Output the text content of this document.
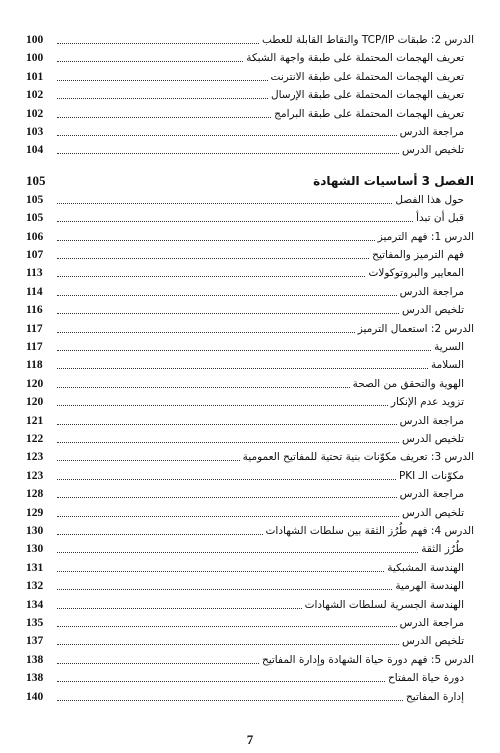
100	الدرس 2: طبقات TCP/IP والنقاط القابلة للعطب
100	تعريف الهجمات المحتملة على طبقة واجهة الشبكة
101	تعريف الهجمات المحتملة على طبقة الانترنت
102	تعريف الهجمات المحتملة على طبقة الإرسال
102	تعريف الهجمات المحتملة على طبقة البرامج
103	مراجعة الدرس
104	تلخيص الدرس
105	الفصل 3 أساسيات الشهادة
105	حول هذا الفصل
105	قبل أن تبدأ
106	الدرس 1: فهم الترميز
107	فهم الترميز والمفاتيح
113	المعايير والبروتوكولات
114	مراجعة الدرس
116	تلخيص الدرس
117	الدرس 2: استعمال الترميز
117	السرية
118	السلامة
120	الهوية والتحقق من الصحة
120	تزويد عدم الإنكار
121	مراجعة الدرس
122	تلخيص الدرس
123	الدرس 3: تعريف مكوّنات بنية تحتية للمفاتيح العمومية
123	مكوّنات الـ PKI
128	مراجعة الدرس
129	تلخيص الدرس
130	الدرس 4: فهم طُرُز الثقة بين سلطات الشهادات
130	طُرُز الثقة
131	الهندسة المشبكية
132	الهندسة الهرمية
134	الهندسة الجسرية لسلطات الشهادات
135	مراجعة الدرس
137	تلخيص الدرس
138	الدرس 5: فهم دورة حياة الشهادة وإدارة المفاتيح
138	دورة حياة المفتاح
140	إدارة المفاتيح
7
